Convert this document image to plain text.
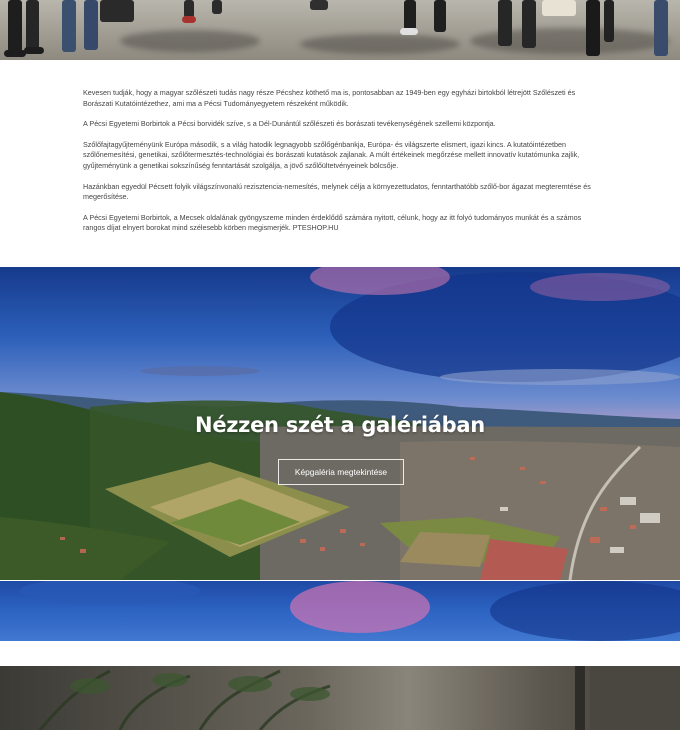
Kevesen tudják, hogy a magyar szőlészeti tudás nagy része Pécshez köthető ma is, pontosabban az 1949-ben egy egyházi birtokból létrejött Szőlészeti és Borászati Kutatóintézethez, ami ma a Pécsi Tudományegyetem részeként működik.

A Pécsi Egyetemi Borbirtok a Pécsi borvidék szíve, s a Dél-Dunántúl szőlészeti és borászati tevékenységének szellemi központja.

Szőlőfajtagyűjteményünk Európa második, s a világ hatodik legnagyobb szőlőgénbankja, Európa- és világszerte elismert, igazi kincs. A kutatóintézetben szőlőnemesítési, genetikai, szőlőtermesztés-technológiai és borászati kutatások zajlanak. A múlt értékeinek megőrzése mellett innovatív kutatómunka zajlik, gyűjteményünk a genetikai sokszínűség fenntartását szolgálja, a jövő szőlőültetvényeinek bölcsője.

Hazánkban egyedül Pécsett folyik világszínvonalú rezisztencia-nemesítés, melynek célja a környezettudatos, fenntarthatóbb szőlő-bor ágazat megteremtése és megerősítése.

A Pécsi Egyetemi Borbirtok, a Mecsek oldalának gyöngyszeme minden érdeklődő számára nyitott, célunk, hogy az itt folyó tudományos munkát és a számos rangos díjat elnyert borokat mind szélesebb körben megismerjék. PTESHOP.HU

Nézzen szét a galériában
Képgaléria megtekintése
